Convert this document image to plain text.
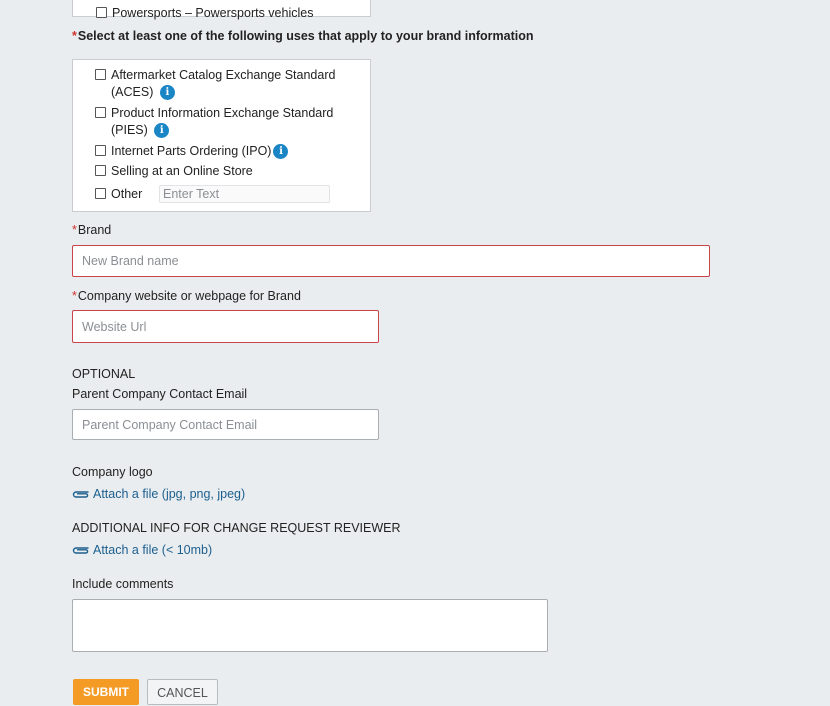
Powersports – Powersports vehicles
*Select at least one of the following uses that apply to your brand information
Aftermarket Catalog Exchange Standard
(ACES) i
Product Information Exchange Standard
(PIES) i
Internet Parts Ordering (IPO) i
Selling at an Online Store
Other
Enter Text
*Brand
New Brand name
*Company website or webpage for Brand
Website Url
OPTIONAL
Parent Company Contact Email
Parent Company Contact Email
Company logo
Attach a file (jpg, png, jpeg)
ADDITIONAL INFO FOR CHANGE REQUEST REVIEWER
Attach a file (< 10mb)
Include comments
SUBMIT	CANCEL
